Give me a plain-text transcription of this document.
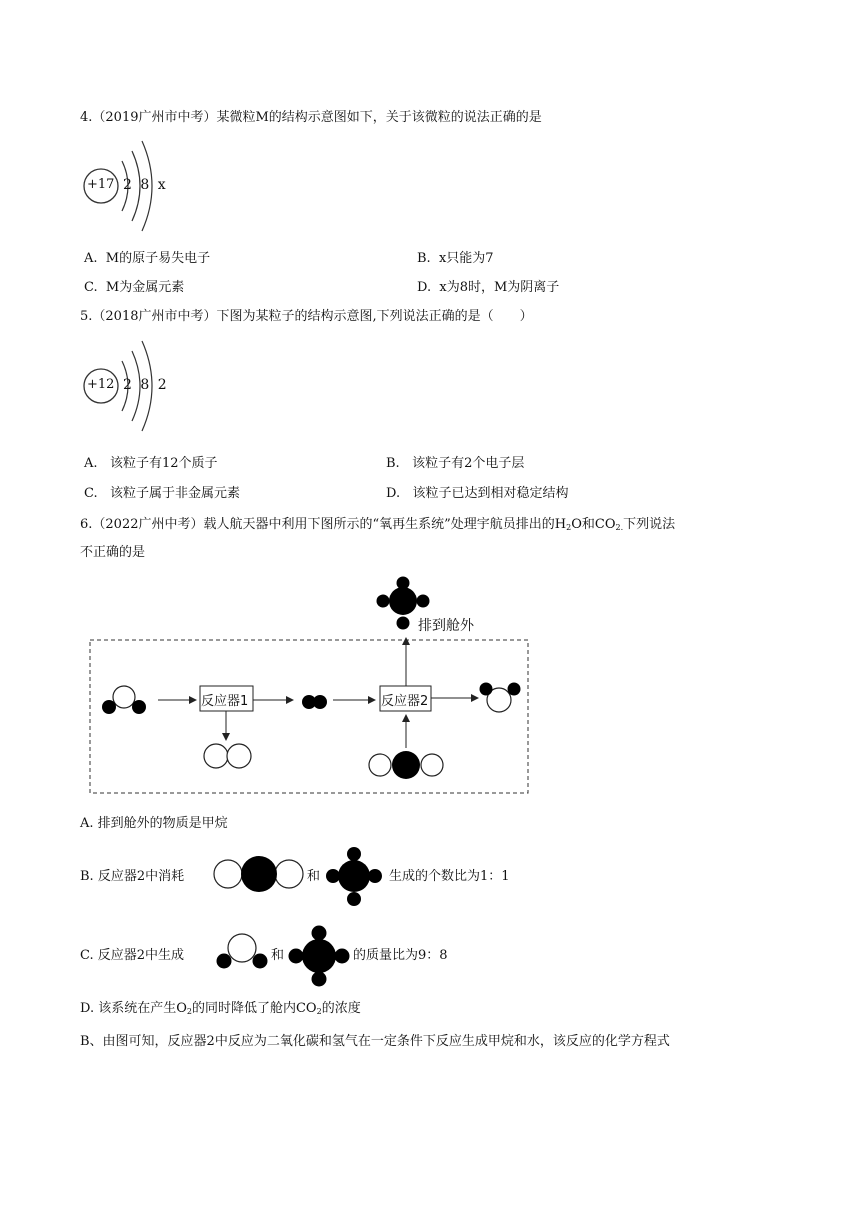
4.（2019广州市中考）某微粒M的结构示意图如下，关于该微粒的说法正确的是
+17 2 8 x
A. M的原子易失电子	B. x只能为7
C. M为金属元素	D. x为8时，M为阴离子
5.（2018广州市中考）下图为某粒子的结构示意图,下列说法正确的是（　　）
+12 2 8 2
A. 该粒子有12个质子	B. 该粒子有2个电子层
C. 该粒子属于非金属元素	D. 该粒子已达到相对稳定结构
6.（2022广州中考）载人航天器中利用下图所示的“氧再生系统”处理宇航员排出的$H_2O$和$CO_{2.}$下列说法
不正确的是
反应器1	反应器2
排到舱外
A. 排到舱外的物质是甲烷
B. 反应器2中消耗	和	生成的个数比为1：1
C. 反应器2中生成	和	的质量比为9：8
D. 该系统在产生$O_2$的同时降低了舱内$CO_2$的浓度
B、由图可知，反应器2中反应为二氧化碳和氢气在一定条件下反应生成甲烷和水，该反应的化学方程式
